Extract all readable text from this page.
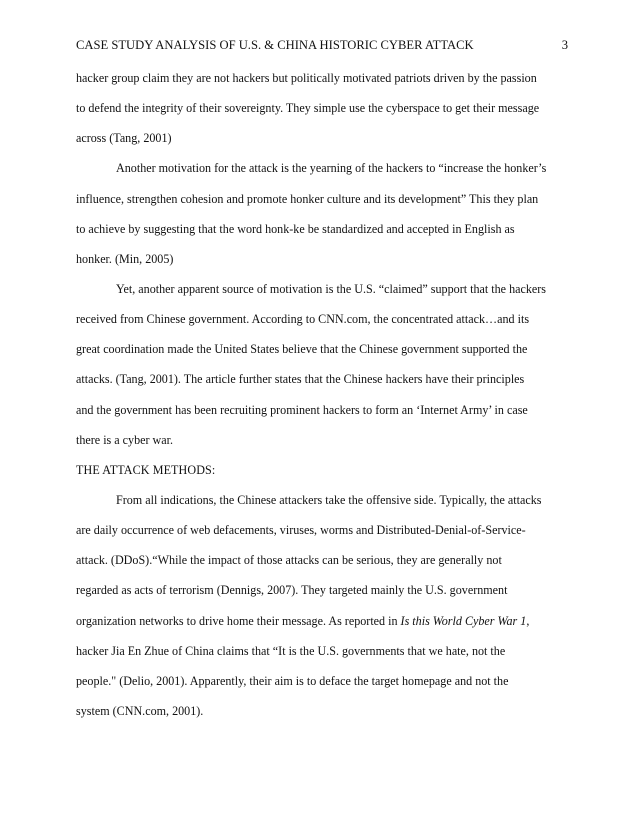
CASE STUDY ANALYSIS OF U.S. & CHINA HISTORIC CYBER ATTACK	3
hacker group claim they are not hackers but politically motivated patriots driven by the passion
to defend the integrity of their sovereignty. They simple use the cyberspace to get their message
across (Tang, 2001)
Another motivation for the attack is the yearning of the hackers to “increase the honker’s
influence, strengthen cohesion and promote honker culture and its development” This they plan
to achieve by suggesting that the word honk-ke be standardized and accepted in English as
honker. (Min, 2005)
Yet, another apparent source of motivation is the U.S. “claimed” support that the hackers
received from Chinese government. According to CNN.com, the concentrated attack…and its
great coordination made the United States believe that the Chinese government supported the
attacks. (Tang, 2001). The article further states that the Chinese hackers have their principles
and the government has been recruiting prominent hackers to form an ‘Internet Army’ in case
there is a cyber war.
THE ATTACK METHODS:
From all indications, the Chinese attackers take the offensive side. Typically, the attacks
are daily occurrence of web defacements, viruses, worms and Distributed-Denial-of-Service-
attack. (DDoS).“While the impact of those attacks can be serious, they are generally not
regarded as acts of terrorism (Dennigs, 2007). They targeted mainly the U.S. government
organization networks to drive home their message. As reported in Is this World Cyber War 1,
hacker Jia En Zhue of China claims that “It is the U.S. governments that we hate, not the
people." (Delio, 2001). Apparently, their aim is to deface the target homepage and not the
system (CNN.com, 2001).
